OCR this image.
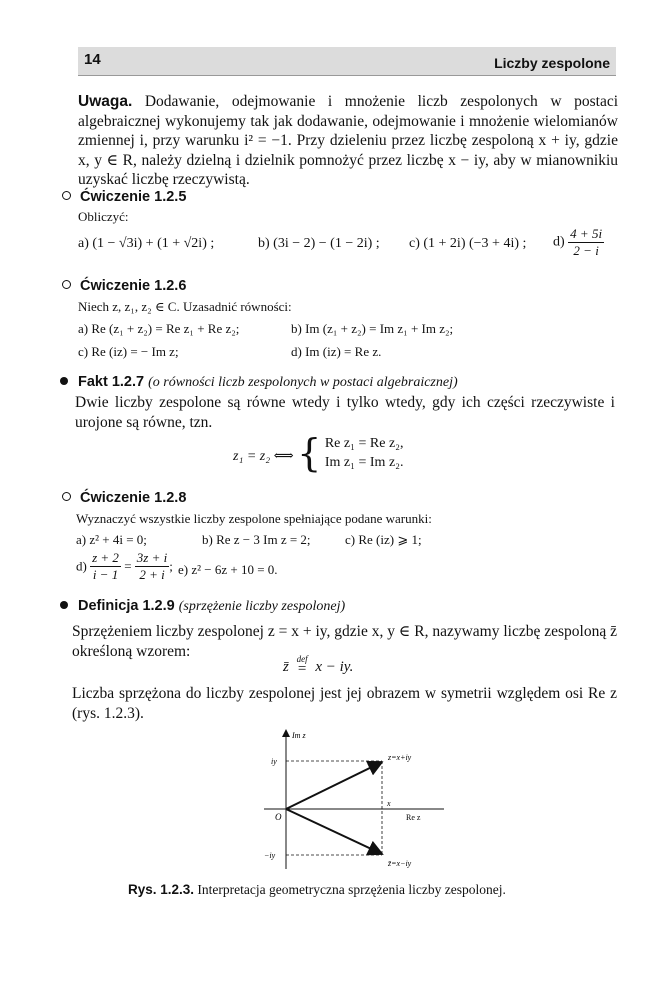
14	Liczby zespolone

Uwaga. Dodawanie, odejmowanie i mnożenie liczb zespolonych w postaci algebraicznej wykonujemy tak jak dodawanie, odejmowanie i mnożenie wielomianów zmiennej i, przy warunku i² = −1. Przy dzieleniu przez liczbę zespoloną x + iy, gdzie x, y ∈ R, należy dzielną i dzielnik pomnożyć przez liczbę x − iy, aby w mianownikiu uzyskać liczbę rzeczywistą.

Ćwiczenie 1.2.5
Obliczyć:
a) (1 − √3i) + (1 + √2i) ;	b) (3i − 2) − (1 − 2i) ; c) (1 + 2i) (−3 + 4i) ; $d) \frac{4 + 5i}{2 - i}$
Ćwiczenie 1.2.6
Niech z, z₁, z₂ ∈ C. Uzasadnić równości:
a) Re (z₁ + z₂) = Re z₁ + Re z₂;	b) Im (z₁ + z₂) = Im z₁ + Im z₂;
c) Re (iz) = − Im z;	d) Im (iz) = Re z.
Fakt 1.2.7 (o równości liczb zespolonych w postaci algebraicznej)

Dwie liczby zespolone są równe wtedy i tylko wtedy, gdy ich części rzeczywiste i urojone są równe, tzn.

z₁ = z₂ ⟺ { Re z₁ = Re z₂,
Im z₁ = Im z₂.
Ćwiczenie 1.2.8
Wyznaczyć wszystkie liczby zespolone spełniające podane warunki:
a) z² + 4i = 0;	b) Re z − 3 Im z = 2;	c) Re (iz) ⩾ 1;
$d) \frac{z + 2}{i - 1} = \frac{3z + i}{2 + i}$ ; e) z² − 6z + 10 = 0.
Definicja 1.2.9 (sprzężenie liczby zespolonej)

Sprzężeniem liczby zespolonej z = x + iy, gdzie x, y ∈ R, nazywamy liczbę zespoloną z̄ określoną wzorem:

z̄ def
= x − iy.

Liczba sprzężona do liczby zespolonej jest jej obrazem w symetrii względem osi Re z (rys. 1.2.3).

Im z
iy
−iy
O
x
Re z
z=x+iy
z̄=x−iy
Rys. 1.2.3. Interpretacja geometryczna sprzężenia liczby zespolonej.
